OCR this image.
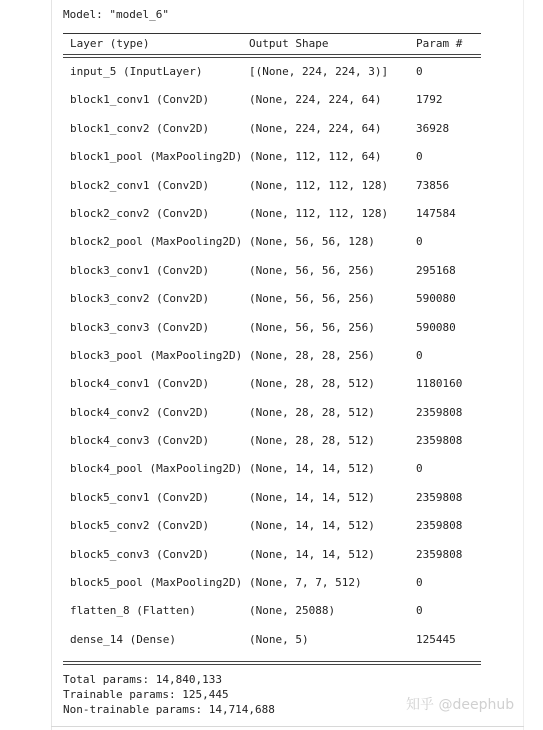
Model: "model_6"
Layer (type)	Output Shape	Param #
input_5 (InputLayer)	[(None, 224, 224, 3)]	0
block1_conv1 (Conv2D)	(None, 224, 224, 64)	1792
block1_conv2 (Conv2D)	(None, 224, 224, 64)	36928
block1_pool (MaxPooling2D) (None, 112, 112, 64)	0
block2_conv1 (Conv2D)	(None, 112, 112, 128)	73856
block2_conv2 (Conv2D)	(None, 112, 112, 128)	147584
block2_pool (MaxPooling2D) (None, 56, 56, 128)	0
block3_conv1 (Conv2D)	(None, 56, 56, 256)	295168
block3_conv2 (Conv2D)	(None, 56, 56, 256)	590080
block3_conv3 (Conv2D)	(None, 56, 56, 256)	590080
block3_pool (MaxPooling2D) (None, 28, 28, 256)	0
block4_conv1 (Conv2D)	(None, 28, 28, 512)	1180160
block4_conv2 (Conv2D)	(None, 28, 28, 512)	2359808
block4_conv3 (Conv2D)	(None, 28, 28, 512)	2359808
block4_pool (MaxPooling2D) (None, 14, 14, 512)	0
block5_conv1 (Conv2D)	(None, 14, 14, 512)	2359808
block5_conv2 (Conv2D)	(None, 14, 14, 512)	2359808
block5_conv3 (Conv2D)	(None, 14, 14, 512)	2359808
block5_pool (MaxPooling2D) (None, 7, 7, 512)	0
flatten_8 (Flatten)	(None, 25088)	0
dense_14 (Dense)	(None, 5)	125445
Total params: 14,840,133
Trainable params: 125,445
Non-trainable params: 14,714,688	知乎 @deephub
